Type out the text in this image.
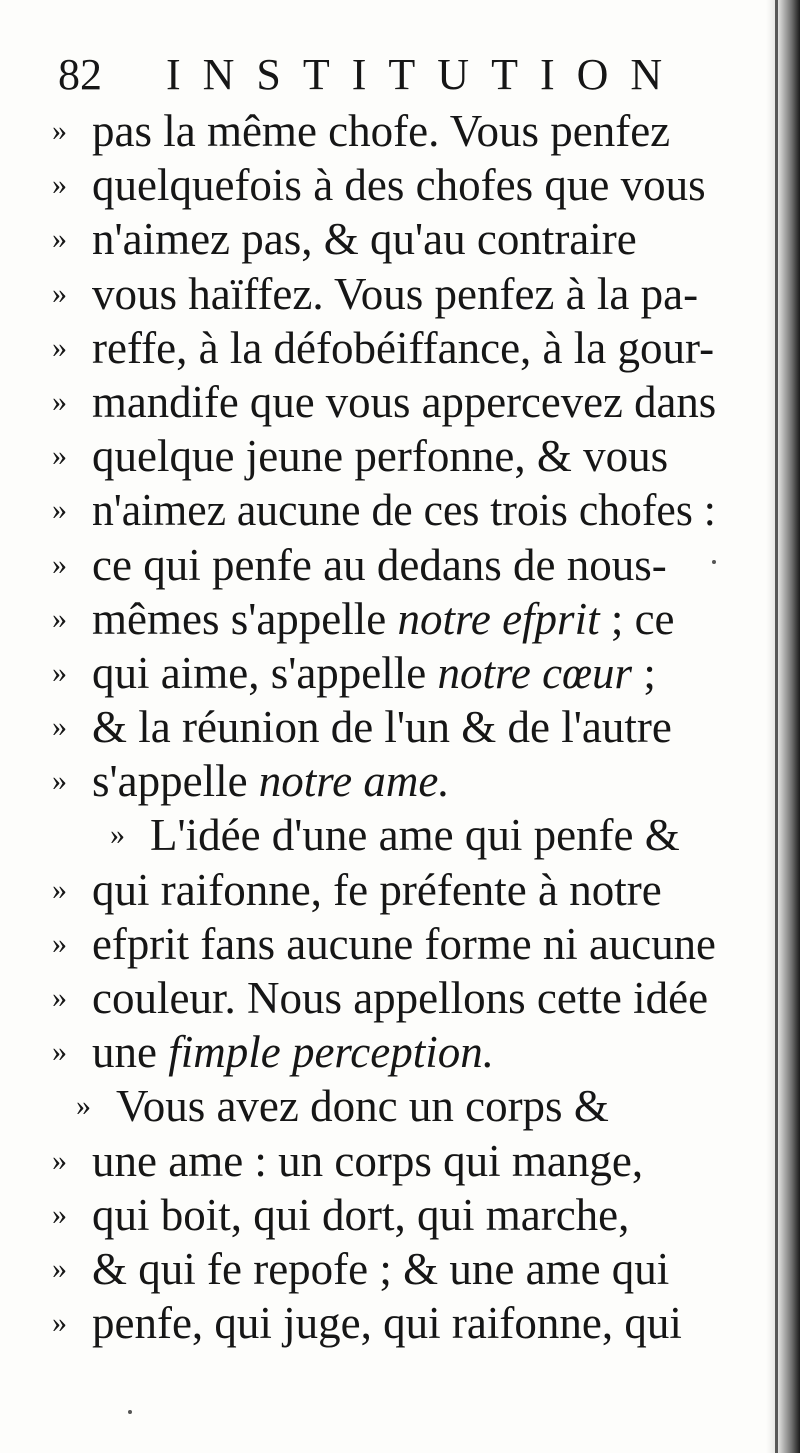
82 INSTITUTION
» pas la même chofe. Vous penfez
» quelquefois à des chofes que vous
» n'aimez pas, & qu'au contraire
» vous haïffez. Vous penfez à la pa-
» reffe, à la défobéiffance, à la gour-
» mandife que vous appercevez dans
» quelque jeune perfonne, & vous
» n'aimez aucune de ces trois chofes :
» ce qui penfe au dedans de nous-
» mêmes s'appelle notre efprit ; ce
» qui aime, s'appelle notre cœur ;
» & la réunion de l'un & de l'autre
» s'appelle notre ame.
» L'idée d'une ame qui penfe &
» qui raifonne, fe préfente à notre
» efprit fans aucune forme ni aucune
» couleur. Nous appellons cette idée
» une fimple perception.
» Vous avez donc un corps &
» une ame : un corps qui mange,
» qui boit, qui dort, qui marche,
» & qui fe repofe ; & une ame qui
» penfe, qui juge, qui raifonne, qui
